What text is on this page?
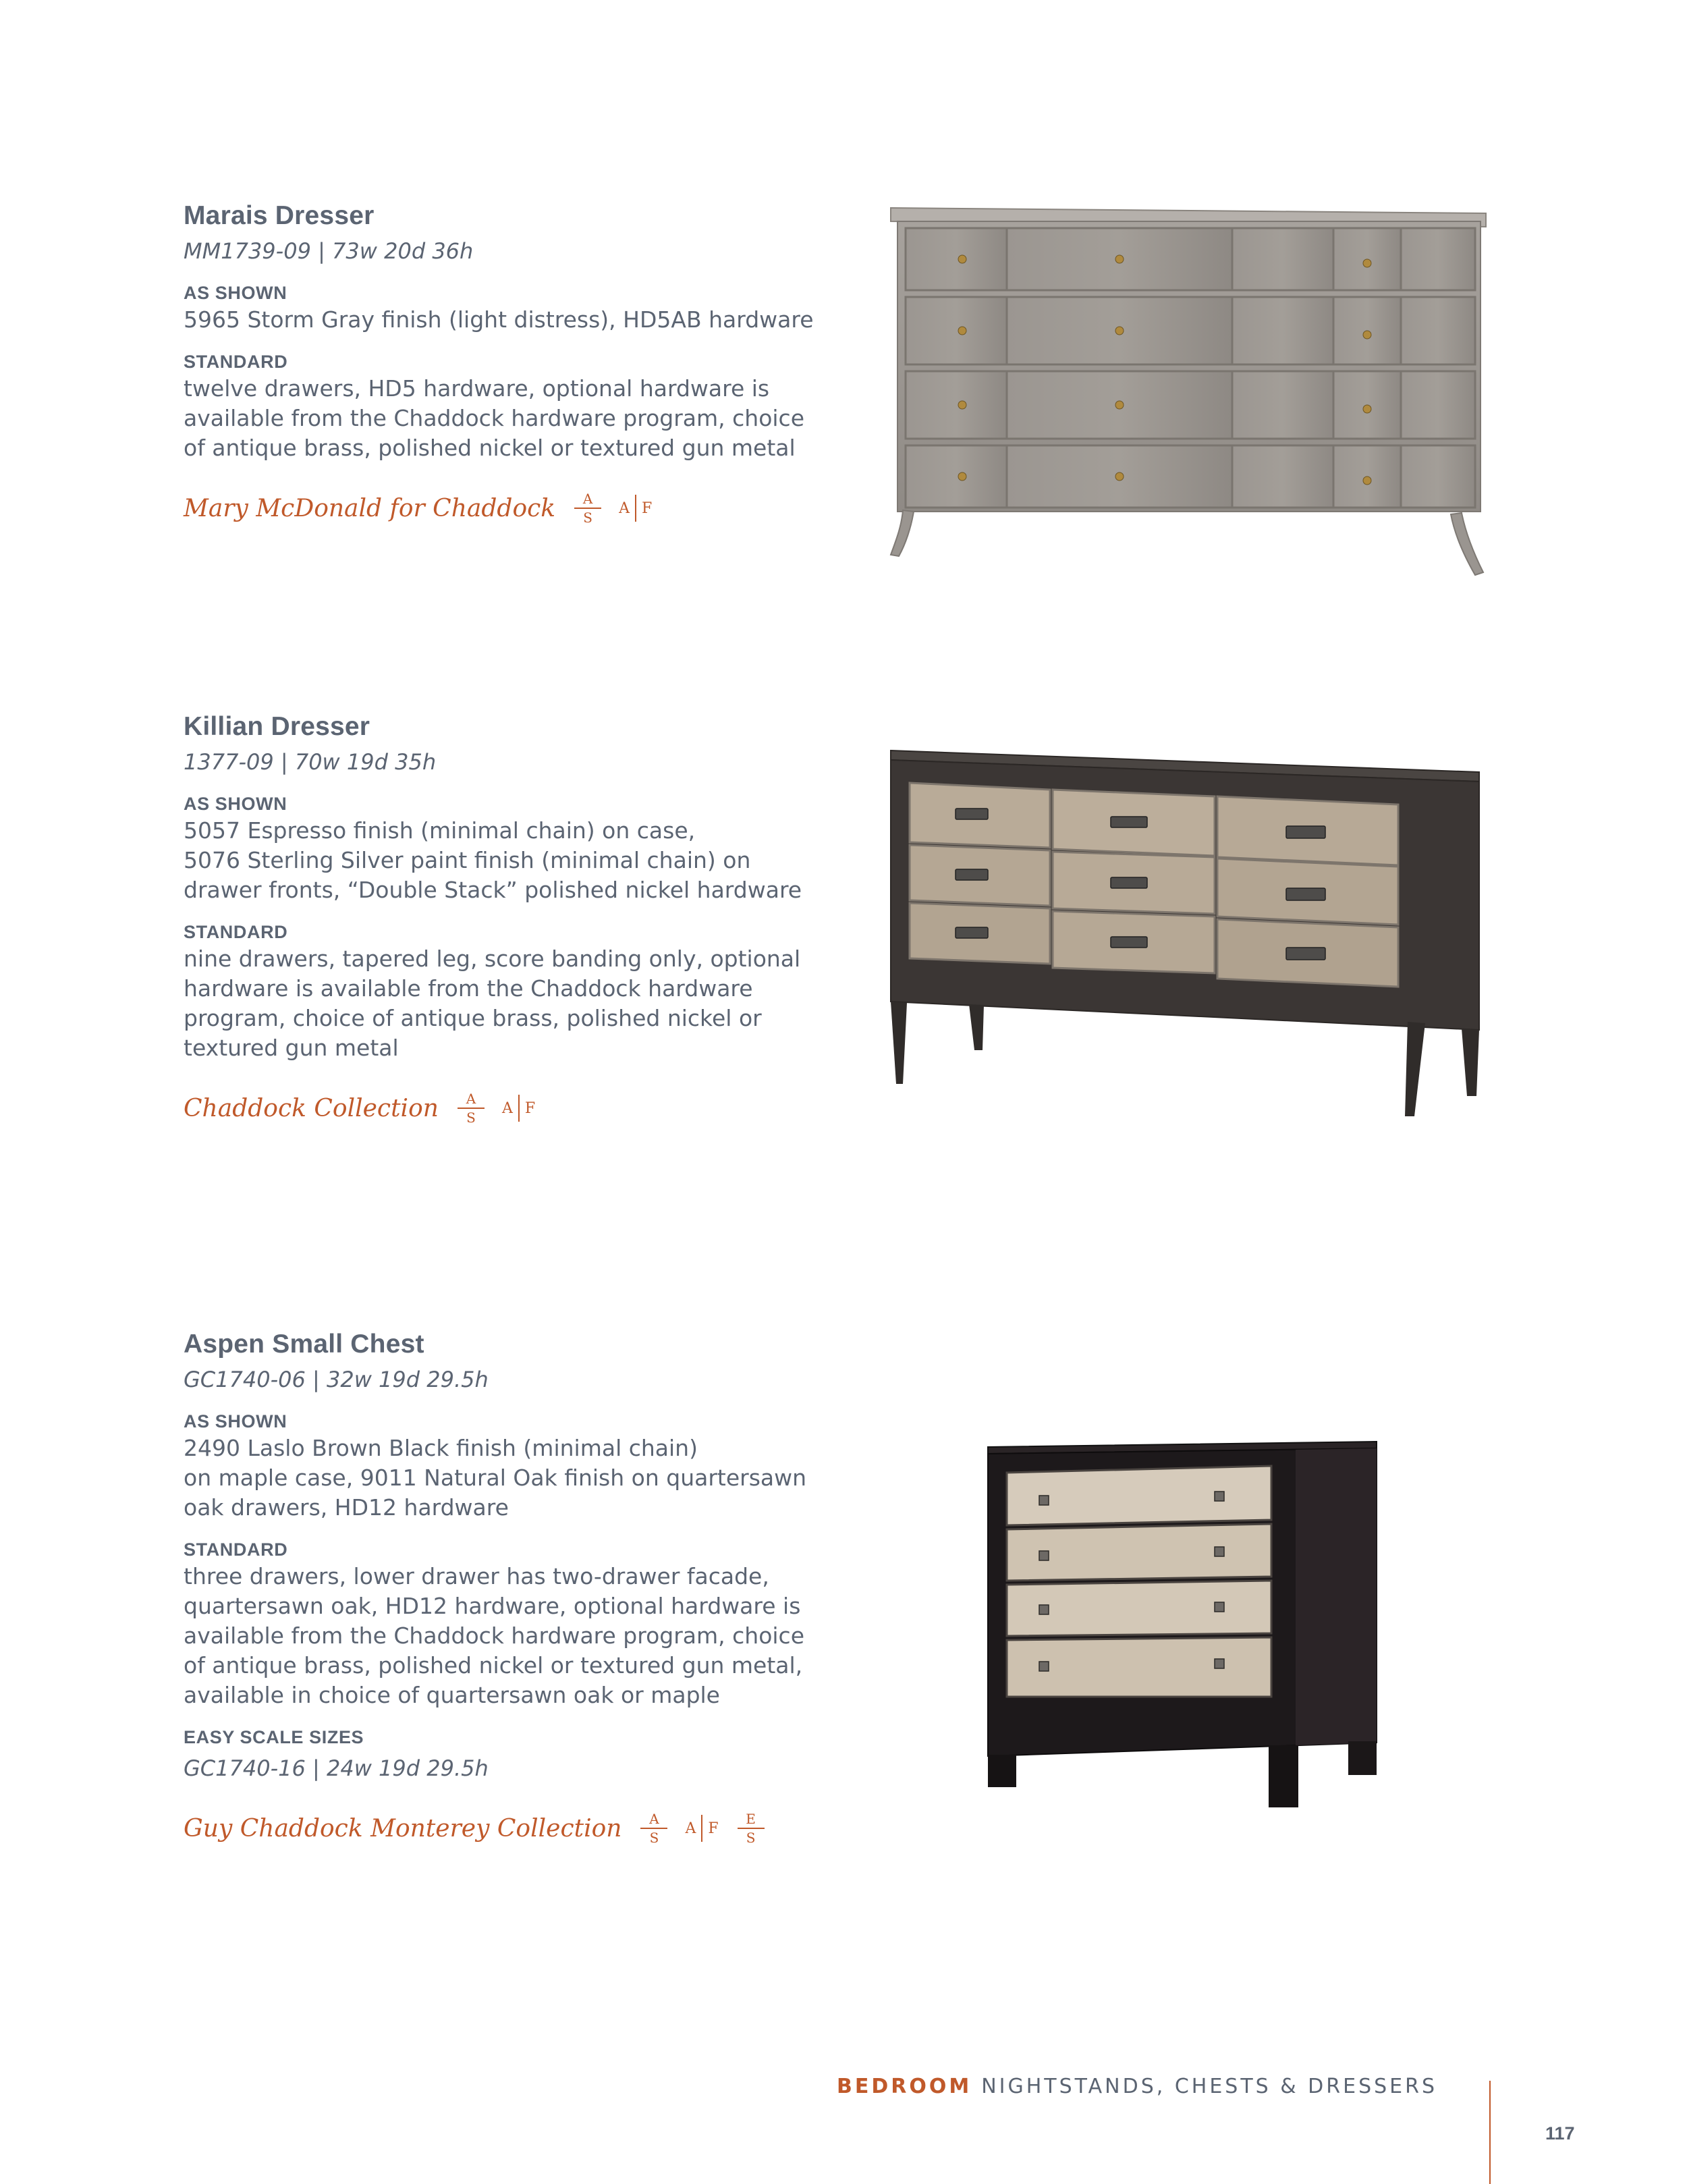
Marais Dresser
MM1739-09 | 73w 20d 36h
AS SHOWN
5965 Storm Gray finish (light distress), HD5AB hardware
STANDARD
twelve drawers, HD5 hardware, optional hardware is
available from the Chaddock hardware program, choice
of antique brass, polished nickel or textured gun metal
Mary McDonald for Chaddock $\frac{A}{S}$ A F
Killian Dresser
1377-09 | 70w 19d 35h
AS SHOWN
5057 Espresso finish (minimal chain) on case,
5076 Sterling Silver paint finish (minimal chain) on
drawer fronts, “Double Stack” polished nickel hardware
STANDARD
nine drawers, tapered leg, score banding only, optional
hardware is available from the Chaddock hardware
program, choice of antique brass, polished nickel or
textured gun metal
Chaddock Collection $\frac{A}{S}$ A F
Aspen Small Chest
GC1740-06 | 32w 19d 29.5h
AS SHOWN
2490 Laslo Brown Black finish (minimal chain)
on maple case, 9011 Natural Oak finish on quartersawn
oak drawers, HD12 hardware
STANDARD
three drawers, lower drawer has two-drawer facade,
quartersawn oak, HD12 hardware, optional hardware is
available from the Chaddock hardware program, choice
of antique brass, polished nickel or textured gun metal,
available in choice of quartersawn oak or maple
EASY SCALE SIZES
GC1740-16 | 24w 19d 29.5h
Guy Chaddock Monterey Collection $\frac{A}{S}$ A F $\frac{E}{S}$
BEDROOM NIGHTSTANDS, CHESTS & DRESSERS
117
